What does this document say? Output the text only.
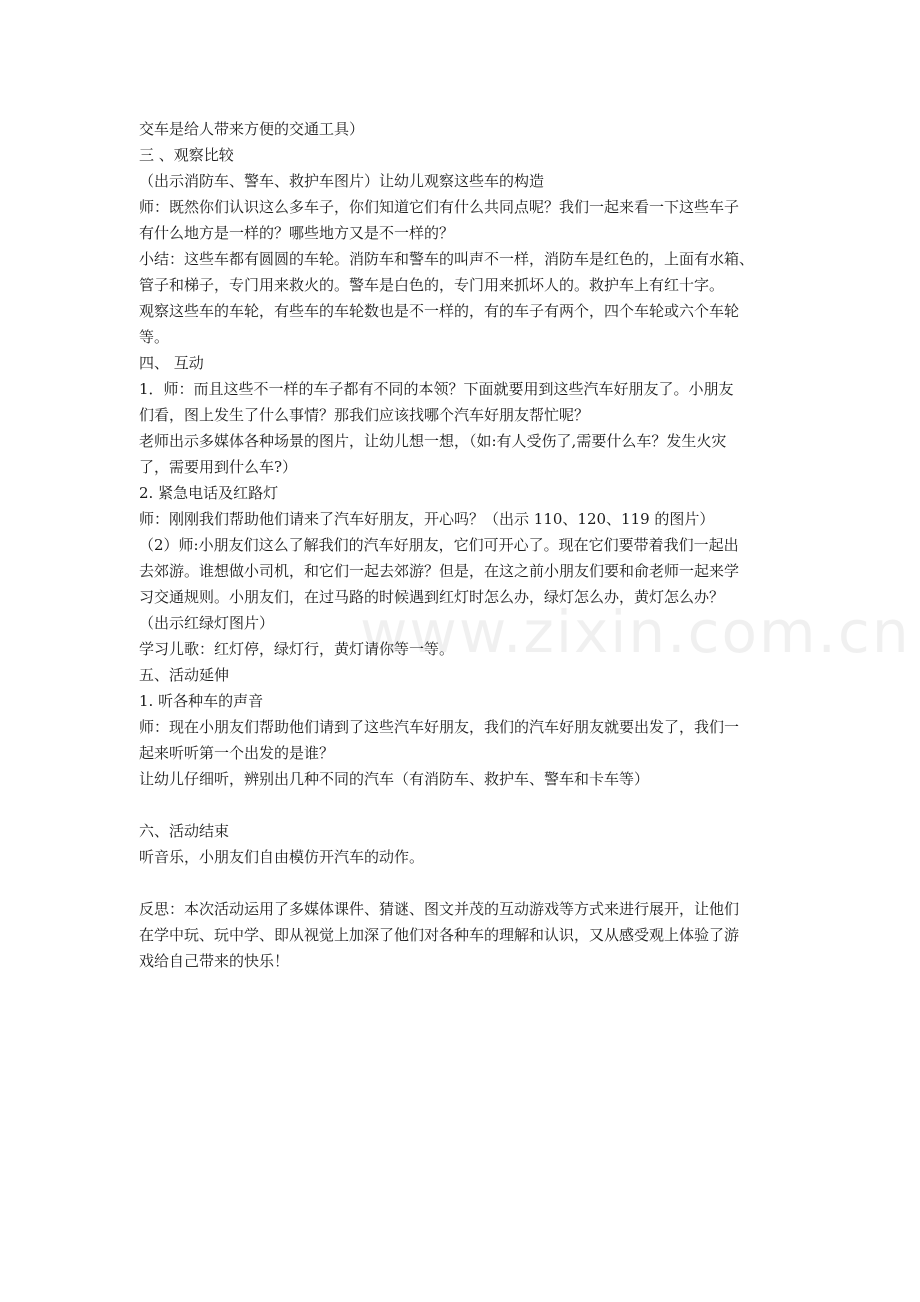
www.zixin.com.cn
交车是给人带来方便的交通工具）
三 、观察比较
（出示消防车、警车、救护车图片）让幼儿观察这些车的构造
师：既然你们认识这么多车子，你们知道它们有什么共同点呢？我们一起来看一下这些车子
有什么地方是一样的？哪些地方又是不一样的？
小结：这些车都有圆圆的车轮。消防车和警车的叫声不一样，消防车是红色的，上面有水箱、
管子和梯子，专门用来救火的。警车是白色的，专门用来抓坏人的。救护车上有红十字。
观察这些车的车轮，有些车的车轮数也是不一样的，有的车子有两个，四个车轮或六个车轮
等。
四、 互动
1．师：而且这些不一样的车子都有不同的本领？下面就要用到这些汽车好朋友了。小朋友
们看，图上发生了什么事情？那我们应该找哪个汽车好朋友帮忙呢？
老师出示多媒体各种场景的图片，让幼儿想一想，（如:有人受伤了,需要什么车？发生火灾
了，需要用到什么车?）
2. 紧急电话及红路灯
师：刚刚我们帮助他们请来了汽车好朋友，开心吗？（出示 110、120、119 的图片）
（2）师:小朋友们这么了解我们的汽车好朋友，它们可开心了。现在它们要带着我们一起出
去郊游。谁想做小司机，和它们一起去郊游？但是，在这之前小朋友们要和俞老师一起来学
习交通规则。小朋友们，在过马路的时候遇到红灯时怎么办，绿灯怎么办，黄灯怎么办？
（出示红绿灯图片）
学习儿歌：红灯停，绿灯行，黄灯请你等一等。
五、活动延伸
1. 听各种车的声音
师：现在小朋友们帮助他们请到了这些汽车好朋友，我们的汽车好朋友就要出发了，我们一
起来听听第一个出发的是谁？
让幼儿仔细听，辨别出几种不同的汽车（有消防车、救护车、警车和卡车等）
六、活动结束
听音乐，小朋友们自由模仿开汽车的动作。
反思：本次活动运用了多媒体课件、猜谜、图文并茂的互动游戏等方式来进行展开，让他们
在学中玩、玩中学、即从视觉上加深了他们对各种车的理解和认识，又从感受观上体验了游
戏给自己带来的快乐！
